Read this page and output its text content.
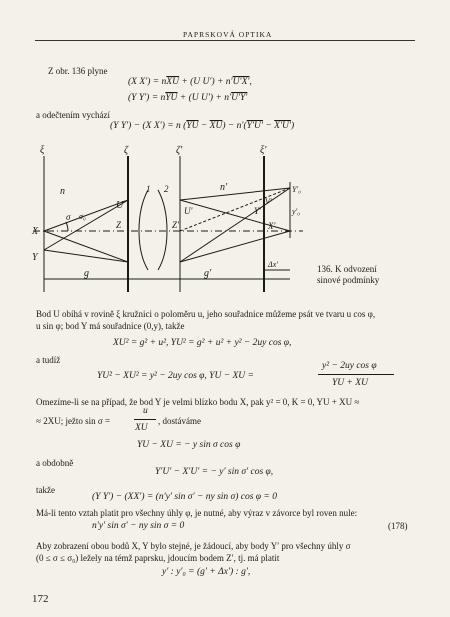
PAPRSKOVÁ OPTIKA
Z obr. 136 plyne
(X $X') = n\overline{XU} + (U$ U′) + n′U′X′,
(Y $Y') = n\overline{YU} + (U$ U′) + n′U′Y′
a odečtením vychází
(Y Y′) − (X X′) = n $(\overline{YU} - \overline{XU}) - n'(Y'U' - X'U')$
ξ	ζ	ζ′	ξ′
n	n′
U	U′
1 2
σ σ₀
X
Y
Z	Z′	X′
Y′
V′
Y′₀
y′₀
g	g′
Δx′	136. K odvození
sinové podmínky
Bod U obíhá v rovině ξ kružnici o poloměru u, jeho souřadnice můžeme psát ve tvaru u cos φ,
u sin φ; bod Y má souřadnice (0,y), takže
XU² = g² + u², YU² = g² + u² + y² − 2uy cos φ,
a tudíž
YU² − XU² = y² − 2uy cos φ, YU − XU =
y² − 2uy cos φ
YU + XU
Omezíme-li se na případ, že bod Y je velmi blízko bodu X, pak y² = 0, K = 0, YU + XU ≈
≈ 2XU; ježto sin σ =
u
XU
, dostáváme
YU − XU = − y sin σ cos φ
a obdobně
Y′U′ − X′U′ = − y′ sin σ′ cos φ,
takže
(Y Y′) − (XX′) = (n′y′ sin σ′ − ny sin σ) cos φ = 0
Má-li tento vztah platit pro všechny úhly φ, je nutné, aby výraz v závorce byl roven nule:
n′y′ sin σ′ − ny sin σ = 0	(178)
Aby zobrazení obou bodů X, Y bylo stejné, je žádoucí, aby body Y′ pro všechny úhly σ
(0 ≤ σ ≤ σ₀) ležely na témž paprsku, jdoucím bodem Z′, tj. má platit
y′ : y′₀ = (g′ + Δx′) : g′,
172
